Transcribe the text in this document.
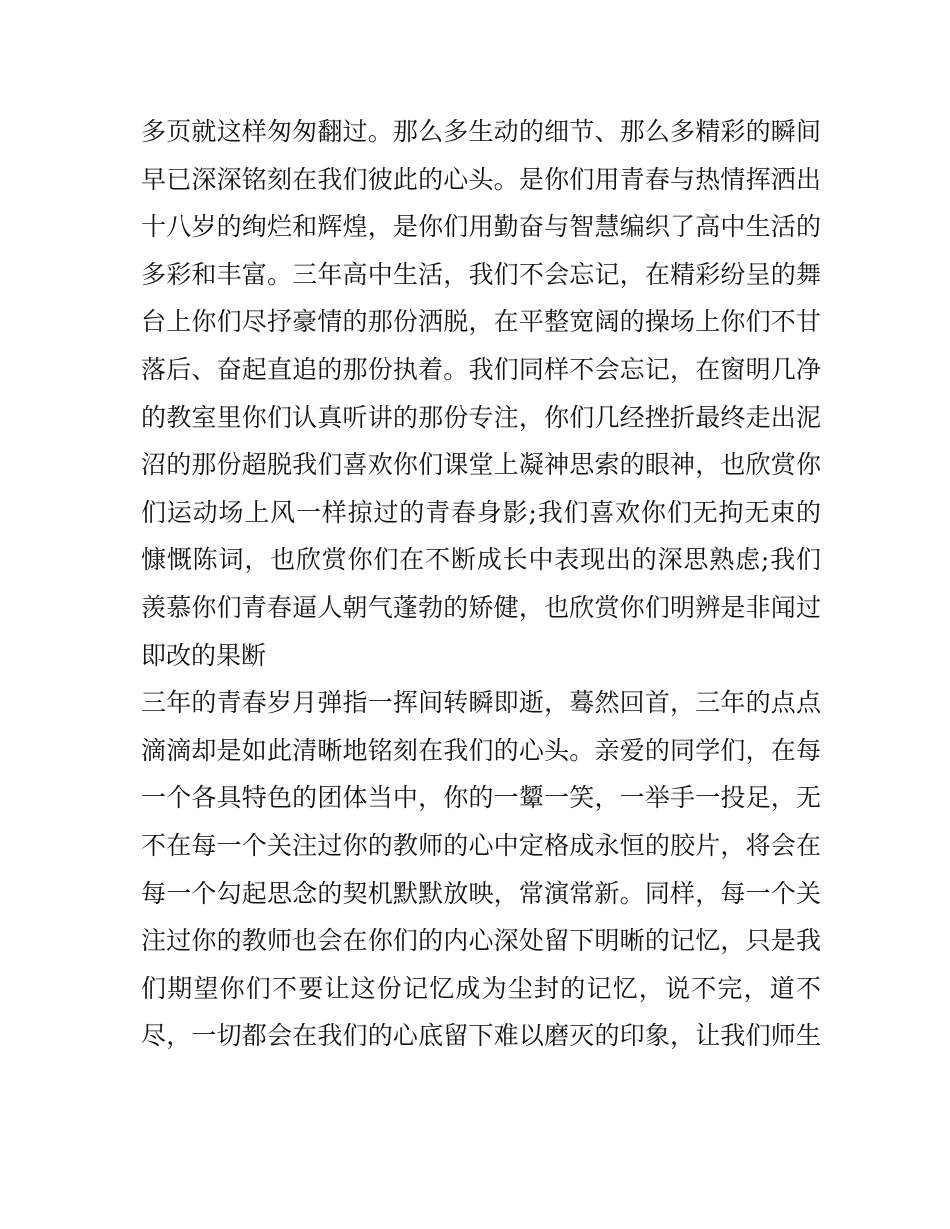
多页就这样匆匆翻过。那么多生动的细节、那么多精彩的瞬间
早已深深铭刻在我们彼此的心头。是你们用青春与热情挥洒出
十八岁的绚烂和辉煌，是你们用勤奋与智慧编织了高中生活的
多彩和丰富。三年高中生活，我们不会忘记，在精彩纷呈的舞
台上你们尽抒豪情的那份洒脱，在平整宽阔的操场上你们不甘
落后、奋起直追的那份执着。我们同样不会忘记，在窗明几净
的教室里你们认真听讲的那份专注，你们几经挫折最终走出泥
沼的那份超脱我们喜欢你们课堂上凝神思索的眼神，也欣赏你
们运动场上风一样掠过的青春身影;我们喜欢你们无拘无束的
慷慨陈词，也欣赏你们在不断成长中表现出的深思熟虑;我们
羡慕你们青春逼人朝气蓬勃的矫健，也欣赏你们明辨是非闻过
即改的果断
三年的青春岁月弹指一挥间转瞬即逝，蓦然回首，三年的点点
滴滴却是如此清晰地铭刻在我们的心头。亲爱的同学们，在每
一个各具特色的团体当中，你的一颦一笑，一举手一投足，无
不在每一个关注过你的教师的心中定格成永恒的胶片，将会在
每一个勾起思念的契机默默放映，常演常新。同样，每一个关
注过你的教师也会在你们的内心深处留下明晰的记忆，只是我
们期望你们不要让这份记忆成为尘封的记忆，说不完，道不
尽，一切都会在我们的心底留下难以磨灭的印象，让我们师生
